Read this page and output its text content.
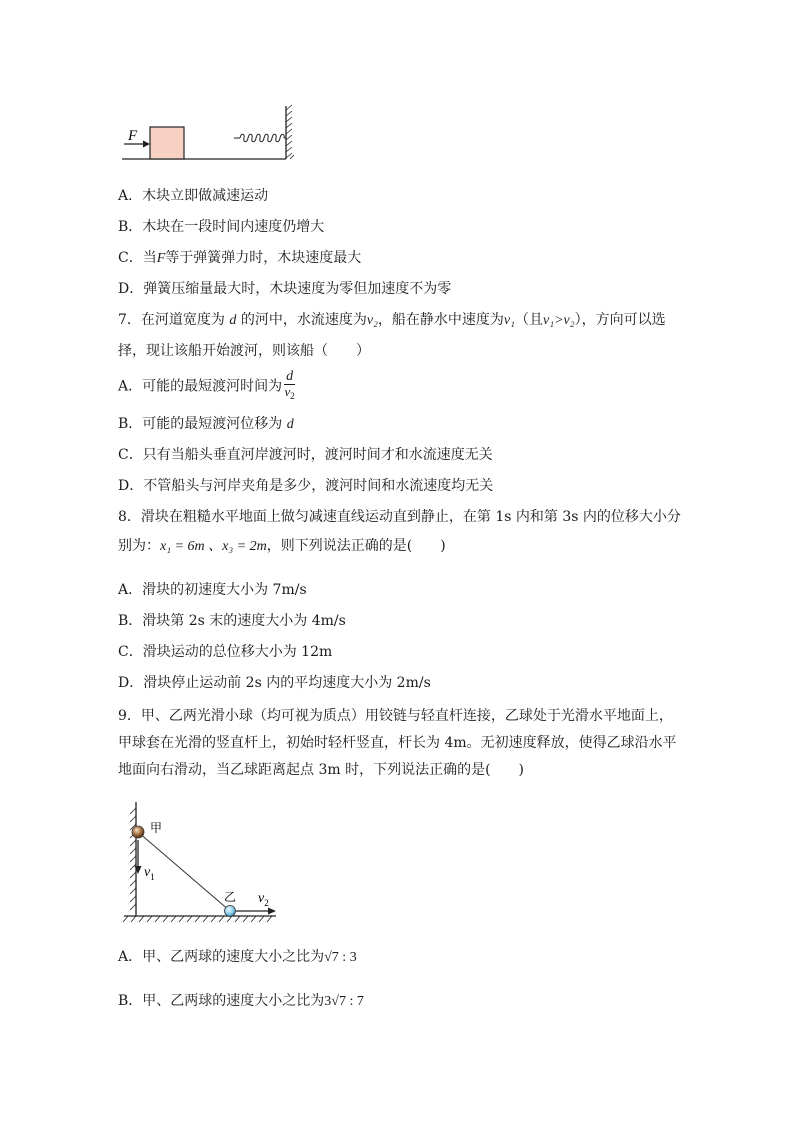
F
A．木块立即做减速运动
B．木块在一段时间内速度仍增大
C．当F等于弹簧弹力时，木块速度最大
D．弹簧压缩量最大时，木块速度为零但加速度不为零
7．在河道宽度为 d 的河中，水流速度为v₂，船在静水中速度为v₁（且v₁>v₂），方向可以选
择，现让该船开始渡河，则该船（　　）
A．可能的最短渡河时间为 $\frac{d}{v_2}$
B．可能的最短渡河位移为 d
C．只有当船头垂直河岸渡河时，渡河时间才和水流速度无关
D．不管船头与河岸夹角是多少，渡河时间和水流速度均无关
8．滑块在粗糙水平地面上做匀减速直线运动直到静止，在第 1s 内和第 3s 内的位移大小分
别为：x₁ = 6m 、x₃ = 2m，则下列说法正确的是(　　)
A．滑块的初速度大小为 7m/s
B．滑块第 2s 末的速度大小为 4m/s
C．滑块运动的总位移大小为 12m
D．滑块停止运动前 2s 内的平均速度大小为 2m/s
9．甲、乙两光滑小球（均可视为质点）用铰链与轻直杆连接，乙球处于光滑水平地面上，
甲球套在光滑的竖直杆上，初始时轻杆竖直，杆长为 4m。无初速度释放，使得乙球沿水平
地面向右滑动，当乙球距离起点 3m 时，下列说法正确的是(　　)
$v_1$
甲
乙 $v_2$
A．甲、乙两球的速度大小之比为√7 : 3
B．甲、乙两球的速度大小之比为3√7 : 7
